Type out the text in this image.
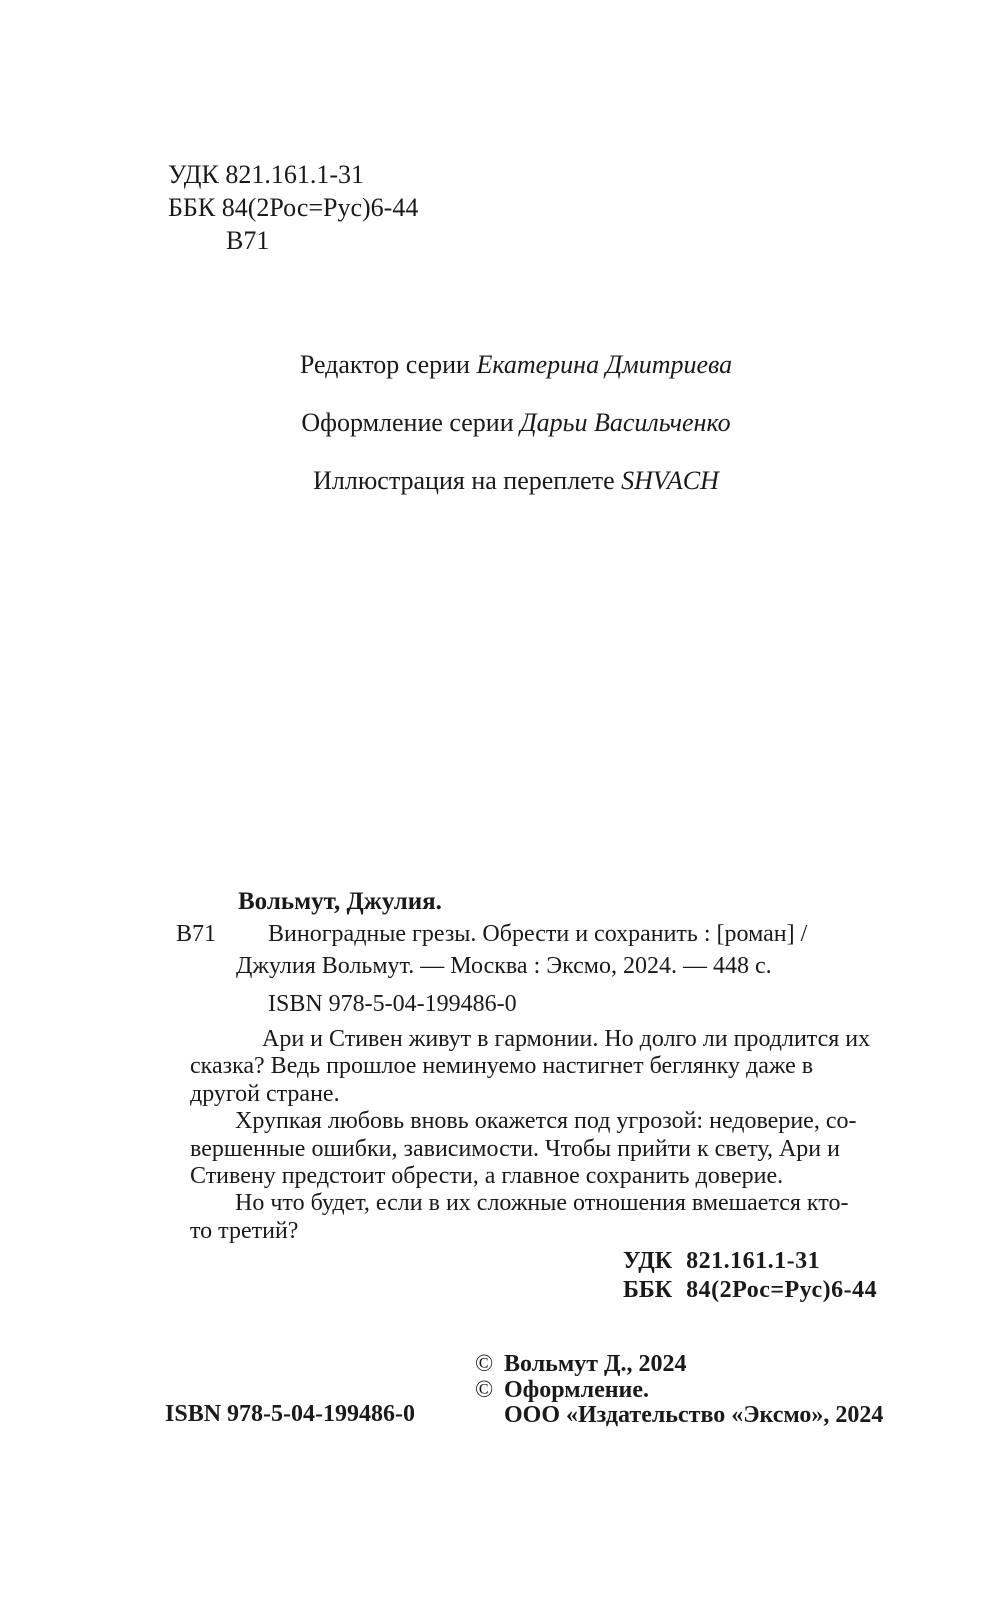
УДК 821.161.1-31
ББК 84(2Рос=Рус)6-44
В71
Редактор серии Екатерина Дмитриева
Оформление серии Дарьи Васильченко
Иллюстрация на переплете SHVACH
Вольмут, Джулия.
В71 Виноградные грезы. Обрести и сохранить : [роман] /
Джулия Вольмут. — Москва : Эксмо, 2024. — 448 с.
ISBN 978-5-04-199486-0
Ари и Стивен живут в гармонии. Но долго ли продлится их
сказка? Ведь прошлое неминуемо настигнет беглянку даже в
другой стране.
Хрупкая любовь вновь окажется под угрозой: недоверие, со-
вершенные ошибки, зависимости. Чтобы прийти к свету, Ари и
Стивену предстоит обрести, а главное сохранить доверие.
Но что будет, если в их сложные отношения вмешается кто-
то третий?
УДК 821.161.1-31
ББК 84(2Рос=Рус)6-44
© Вольмут Д., 2024
© Оформление.
ООО «Издательство «Эксмо», 2024
ISBN 978-5-04-199486-0
